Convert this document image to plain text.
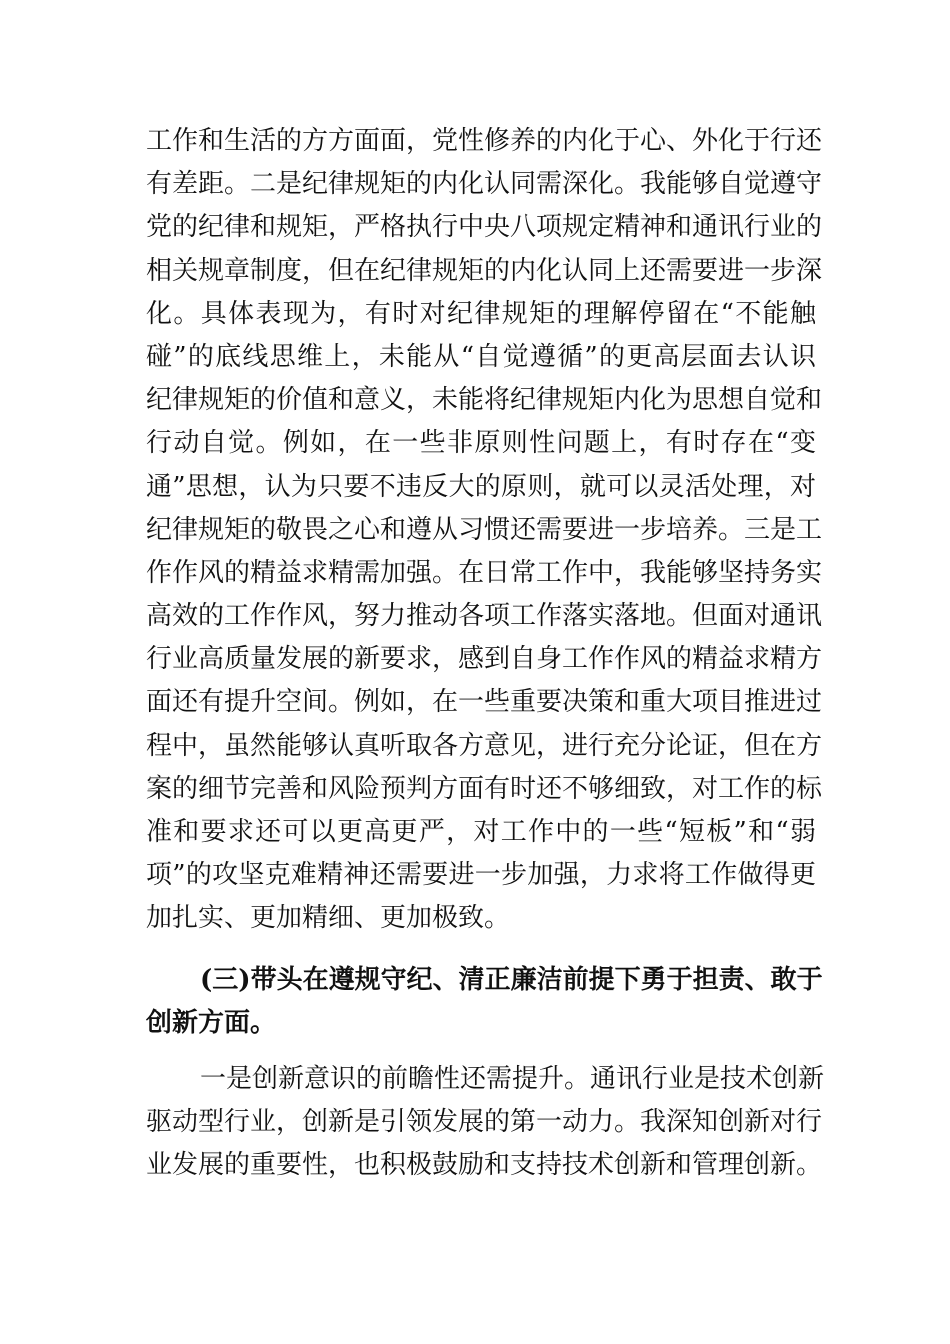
工作和生活的方方面面，党性修养的内化于心、外化于行还
有差距。二是纪律规矩的内化认同需深化。我能够自觉遵守
党的纪律和规矩，严格执行中央八项规定精神和通讯行业的
相关规章制度，但在纪律规矩的内化认同上还需要进一步深
化。具体表现为，有时对纪律规矩的理解停留在“不能触
碰”的底线思维上，未能从“自觉遵循”的更高层面去认识
纪律规矩的价值和意义，未能将纪律规矩内化为思想自觉和
行动自觉。例如，在一些非原则性问题上，有时存在“变
通”思想，认为只要不违反大的原则，就可以灵活处理，对
纪律规矩的敬畏之心和遵从习惯还需要进一步培养。三是工
作作风的精益求精需加强。在日常工作中，我能够坚持务实
高效的工作作风，努力推动各项工作落实落地。但面对通讯
行业高质量发展的新要求，感到自身工作作风的精益求精方
面还有提升空间。例如，在一些重要决策和重大项目推进过
程中，虽然能够认真听取各方意见，进行充分论证，但在方
案的细节完善和风险预判方面有时还不够细致，对工作的标
准和要求还可以更高更严，对工作中的一些“短板”和“弱
项”的攻坚克难精神还需要进一步加强，力求将工作做得更
加扎实、更加精细、更加极致。
(三)带头在遵规守纪、清正廉洁前提下勇于担责、敢于
创新方面。
一是创新意识的前瞻性还需提升。通讯行业是技术创新
驱动型行业，创新是引领发展的第一动力。我深知创新对行
业发展的重要性，也积极鼓励和支持技术创新和管理创新。
